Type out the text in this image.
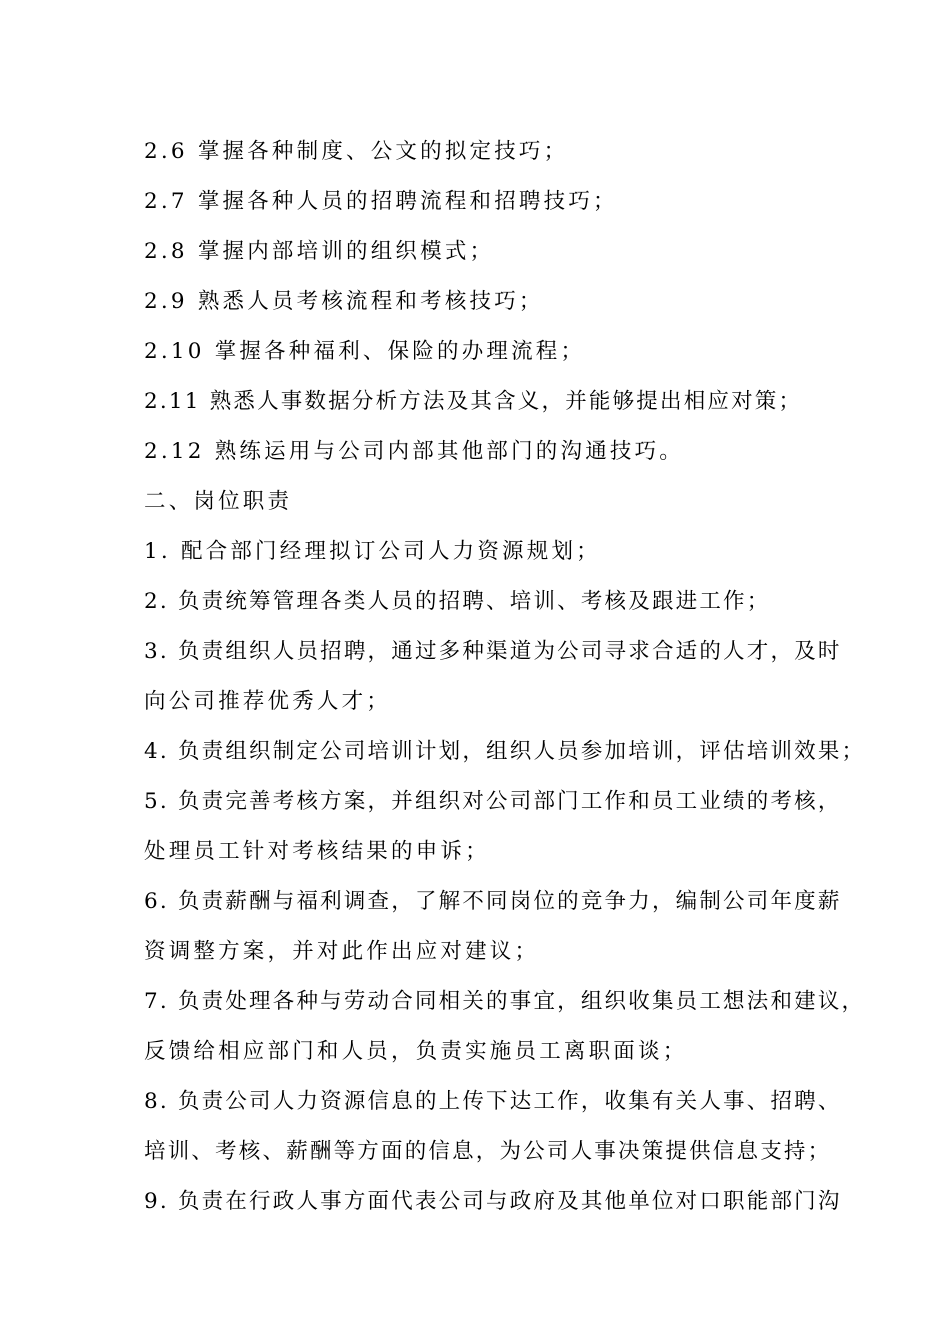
2.6 掌握各种制度、公文的拟定技巧；
2.7 掌握各种人员的招聘流程和招聘技巧；
2.8 掌握内部培训的组织模式；
2.9 熟悉人员考核流程和考核技巧；
2.10 掌握各种福利、保险的办理流程；
2.11 熟悉人事数据分析方法及其含义，并能够提出相应对策；
2.12 熟练运用与公司内部其他部门的沟通技巧。
二、岗位职责
1. 配合部门经理拟订公司人力资源规划；
2. 负责统筹管理各类人员的招聘、培训、考核及跟进工作；
3. 负责组织人员招聘，通过多种渠道为公司寻求合适的人才，及时
向公司推荐优秀人才；
4. 负责组织制定公司培训计划，组织人员参加培训，评估培训效果；
5. 负责完善考核方案，并组织对公司部门工作和员工业绩的考核，
处理员工针对考核结果的申诉；
6. 负责薪酬与福利调查，了解不同岗位的竞争力，编制公司年度薪
资调整方案，并对此作出应对建议；
7. 负责处理各种与劳动合同相关的事宜，组织收集员工想法和建议，
反馈给相应部门和人员，负责实施员工离职面谈；
8. 负责公司人力资源信息的上传下达工作，收集有关人事、招聘、
培训、考核、薪酬等方面的信息，为公司人事决策提供信息支持；
9. 负责在行政人事方面代表公司与政府及其他单位对口职能部门沟
